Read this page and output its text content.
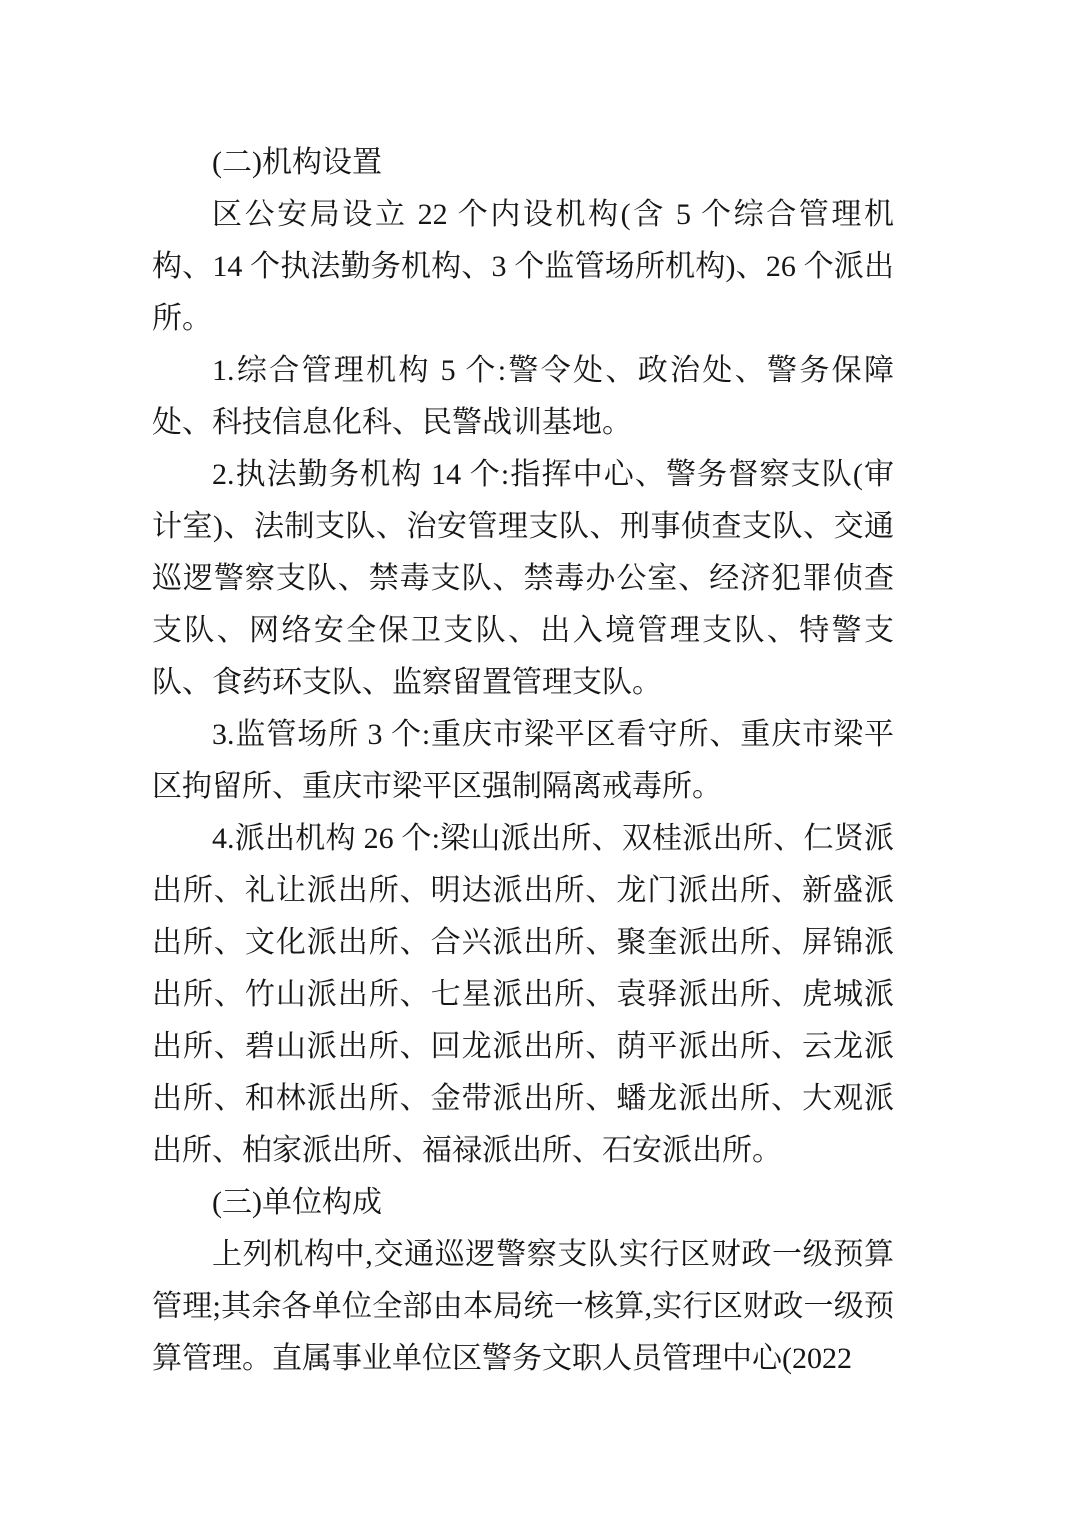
(二)机构设置

区公安局设立 22 个内设机构(含 5 个综合管理机构、14 个执法勤务机构、3 个监管场所机构)、26 个派出所。

1.综合管理机构 5 个:警令处、政治处、警务保障处、科技信息化科、民警战训基地。

2.执法勤务机构 14 个:指挥中心、警务督察支队(审计室)、法制支队、治安管理支队、刑事侦查支队、交通巡逻警察支队、禁毒支队、禁毒办公室、经济犯罪侦查支队、网络安全保卫支队、出入境管理支队、特警支队、食药环支队、监察留置管理支队。

3.监管场所 3 个:重庆市梁平区看守所、重庆市梁平区拘留所、重庆市梁平区强制隔离戒毒所。

4.派出机构 26 个:梁山派出所、双桂派出所、仁贤派出所、礼让派出所、明达派出所、龙门派出所、新盛派出所、文化派出所、合兴派出所、聚奎派出所、屏锦派出所、竹山派出所、七星派出所、袁驿派出所、虎城派出所、碧山派出所、回龙派出所、荫平派出所、云龙派出所、和林派出所、金带派出所、蟠龙派出所、大观派出所、柏家派出所、福禄派出所、石安派出所。

(三)单位构成

上列机构中,交通巡逻警察支队实行区财政一级预算管理;其余各单位全部由本局统一核算,实行区财政一级预算管理。直属事业单位区警务文职人员管理中心(2022
